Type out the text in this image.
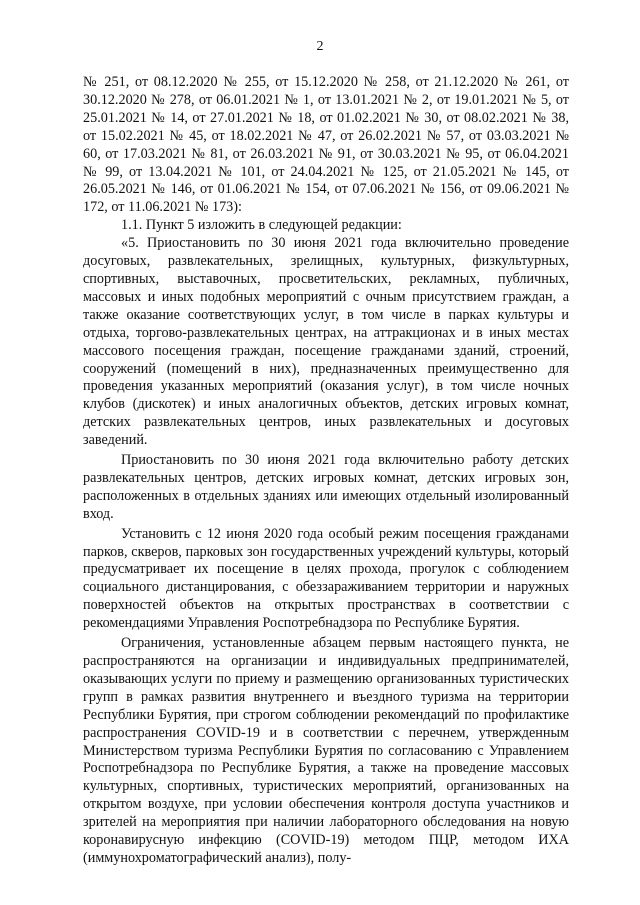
2

№ 251, от 08.12.2020 № 255, от 15.12.2020 № 258, от 21.12.2020 № 261, от 30.12.2020 № 278, от 06.01.2021 № 1, от 13.01.2021 № 2, от 19.01.2021 № 5, от 25.01.2021 № 14, от 27.01.2021 № 18, от 01.02.2021 № 30, от 08.02.2021 № 38, от 15.02.2021 № 45, от 18.02.2021 № 47, от 26.02.2021 № 57, от 03.03.2021 № 60, от 17.03.2021 № 81, от 26.03.2021 № 91, от 30.03.2021 № 95, от 06.04.2021 № 99, от 13.04.2021 № 101, от 24.04.2021 № 125, от 21.05.2021 № 145, от 26.05.2021 № 146, от 01.06.2021 № 154, от 07.06.2021 № 156, от 09.06.2021 № 172, от 11.06.2021 № 173):

1.1. Пункт 5 изложить в следующей редакции:

«5. Приостановить по 30 июня 2021 года включительно проведение досуговых, развлекательных, зрелищных, культурных, физкультурных, спортивных, выставочных, просветительских, рекламных, публичных, массовых и иных подобных мероприятий с очным присутствием граждан, а также оказание соответствующих услуг, в том числе в парках культуры и отдыха, торгово-развлекательных центрах, на аттракционах и в иных местах массового посещения граждан, посещение гражданами зданий, строений, сооружений (помещений в них), предназначенных преимущественно для проведения указанных мероприятий (оказания услуг), в том числе ночных клубов (дискотек) и иных аналогичных объектов, детских игровых комнат, детских развлекательных центров, иных развлекательных и досуговых заведений.

Приостановить по 30 июня 2021 года включительно работу детских развлекательных центров, детских игровых комнат, детских игровых зон, расположенных в отдельных зданиях или имеющих отдельный изолированный вход.

Установить с 12 июня 2020 года особый режим посещения гражданами парков, скверов, парковых зон государственных учреждений культуры, который предусматривает их посещение в целях прохода, прогулок с соблюдением социального дистанцирования, с обеззараживанием территории и наружных поверхностей объектов на открытых пространствах в соответствии с рекомендациями Управления Роспотребнадзора по Республике Бурятия.

Ограничения, установленные абзацем первым настоящего пункта, не распространяются на организации и индивидуальных предпринимателей, оказывающих услуги по приему и размещению организованных туристических групп в рамках развития внутреннего и въездного туризма на территории Республики Бурятия, при строгом соблюдении рекомендаций по профилактике распространения COVID-19 и в соответствии с перечнем, утвержденным Министерством туризма Республики Бурятия по согласованию с Управлением Роспотребнадзора по Республике Бурятия, а также на проведение массовых культурных, спортивных, туристических мероприятий, организованных на открытом воздухе, при условии обеспечения контроля доступа участников и зрителей на мероприятия при наличии лабораторного обследования на новую коронавирусную инфекцию (COVID-19) методом ПЦР, методом ИХА (иммунохроматографический анализ), полу-
